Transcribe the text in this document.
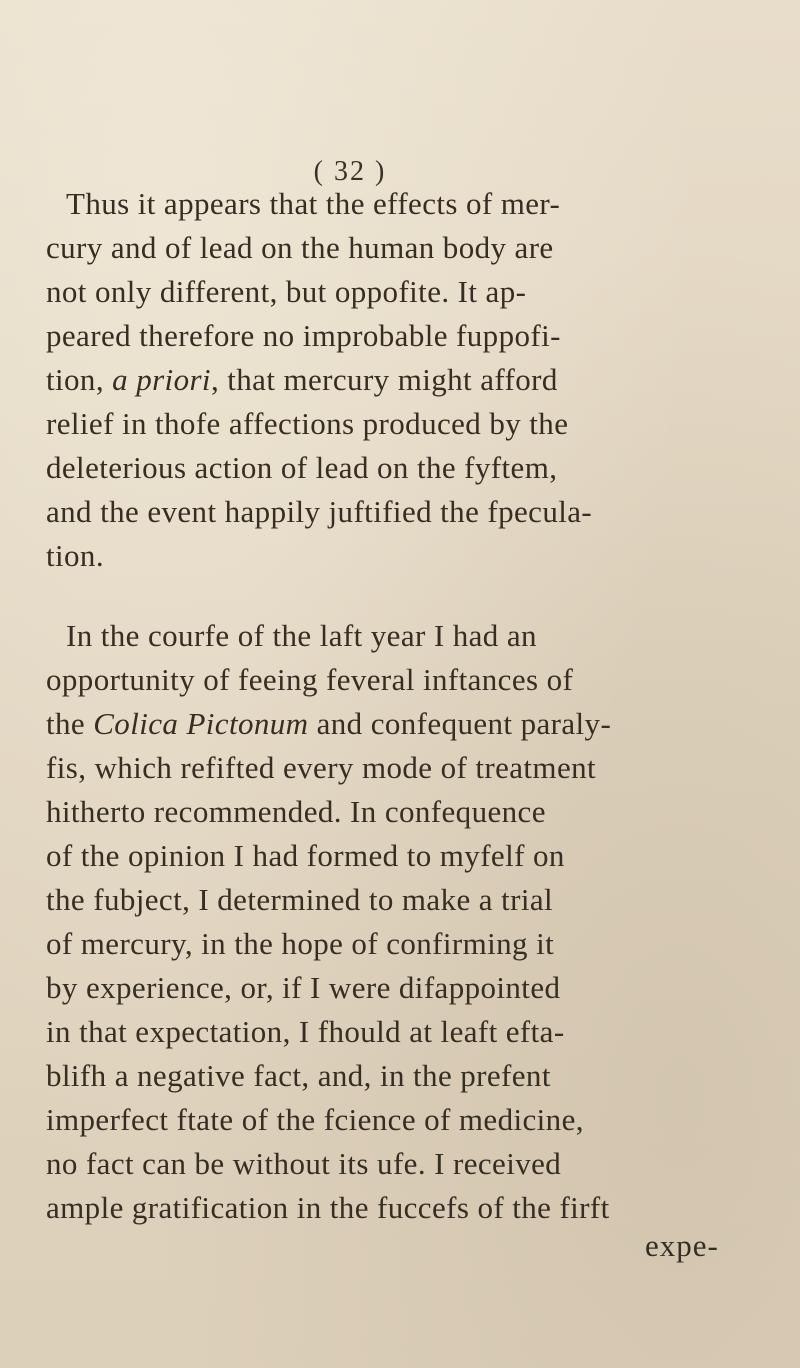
( 32 )
Thus it appears that the effects of mer-
cury and of lead on the human body are
not only different, but oppofite. It ap-
peared therefore no improbable fuppofi-
tion, a priori, that mercury might afford
relief in thofe affections produced by the
deleterious action of lead on the fyftem,
and the event happily juftified the fpecula-
tion.
In the courfe of the laft year I had an
opportunity of feeing feveral inftances of
the Colica Pictonum and confequent paraly-
fis, which refifted every mode of treatment
hitherto recommended. In confequence
of the opinion I had formed to myfelf on
the fubject, I determined to make a trial
of mercury, in the hope of confirming it
by experience, or, if I were difappointed
in that expectation, I fhould at leaft efta-
blifh a negative fact, and, in the prefent
imperfect ftate of the fcience of medicine,
no fact can be without its ufe. I received
ample gratification in the fuccefs of the firft
expe-
